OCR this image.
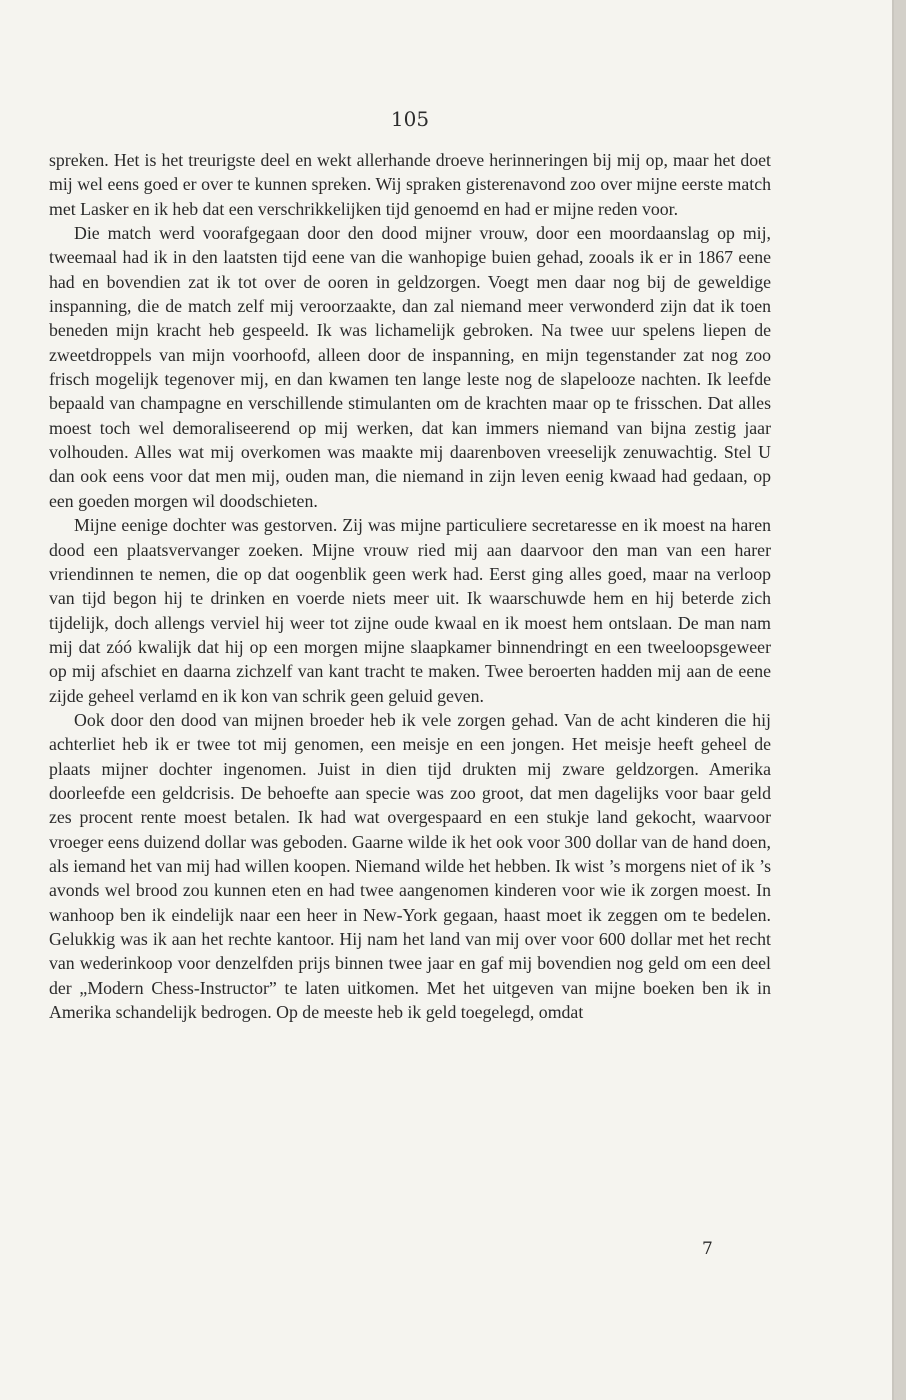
105

spreken. Het is het treurigste deel en wekt allerhande droeve herinneringen bij mij op, maar het doet mij wel eens goed er over te kunnen spreken. Wij spraken gisterenavond zoo over mijne eerste match met Lasker en ik heb dat een verschrikkelijken tijd genoemd en had er mijne reden voor.

Die match werd voorafgegaan door den dood mijner vrouw, door een moordaanslag op mij, tweemaal had ik in den laatsten tijd eene van die wanhopige buien gehad, zooals ik er in 1867 eene had en bovendien zat ik tot over de ooren in geldzorgen. Voegt men daar nog bij de geweldige inspanning, die de match zelf mij veroorzaakte, dan zal niemand meer verwonderd zijn dat ik toen beneden mijn kracht heb gespeeld. Ik was lichamelijk gebroken. Na twee uur spelens liepen de zweetdroppels van mijn voorhoofd, alleen door de inspanning, en mijn tegenstander zat nog zoo frisch mogelijk tegenover mij, en dan kwamen ten lange leste nog de slapelooze nachten. Ik leefde bepaald van champagne en verschillende stimulanten om de krachten maar op te frisschen. Dat alles moest toch wel demoraliseerend op mij werken, dat kan immers niemand van bijna zestig jaar volhouden. Alles wat mij overkomen was maakte mij daarenboven vreeselijk zenuwachtig. Stel U dan ook eens voor dat men mij, ouden man, die niemand in zijn leven eenig kwaad had gedaan, op een goeden morgen wil doodschieten.

Mijne eenige dochter was gestorven. Zij was mijne particuliere secretaresse en ik moest na haren dood een plaatsvervanger zoeken. Mijne vrouw ried mij aan daarvoor den man van een harer vriendinnen te nemen, die op dat oogenblik geen werk had. Eerst ging alles goed, maar na verloop van tijd begon hij te drinken en voerde niets meer uit. Ik waarschuwde hem en hij beterde zich tijdelijk, doch allengs verviel hij weer tot zijne oude kwaal en ik moest hem ontslaan. De man nam mij dat zóó kwalijk dat hij op een morgen mijne slaapkamer binnendringt en een tweeloopsgeweer op mij afschiet en daarna zichzelf van kant tracht te maken. Twee beroerten hadden mij aan de eene zijde geheel verlamd en ik kon van schrik geen geluid geven.

Ook door den dood van mijnen broeder heb ik vele zorgen gehad. Van de acht kinderen die hij achterliet heb ik er twee tot mij genomen, een meisje en een jongen. Het meisje heeft geheel de plaats mijner dochter ingenomen. Juist in dien tijd drukten mij zware geldzorgen. Amerika doorleefde een geldcrisis. De behoefte aan specie was zoo groot, dat men dagelijks voor baar geld zes procent rente moest betalen. Ik had wat overgespaard en een stukje land gekocht, waarvoor vroeger eens duizend dollar was geboden. Gaarne wilde ik het ook voor 300 dollar van de hand doen, als iemand het van mij had willen koopen. Niemand wilde het hebben. Ik wist ’s morgens niet of ik ’s avonds wel brood zou kunnen eten en had twee aangenomen kinderen voor wie ik zorgen moest. In wanhoop ben ik eindelijk naar een heer in New-York gegaan, haast moet ik zeggen om te bedelen. Gelukkig was ik aan het rechte kantoor. Hij nam het land van mij over voor 600 dollar met het recht van wederinkoop voor denzelfden prijs binnen twee jaar en gaf mij bovendien nog geld om een deel der „Modern Chess-Instructor” te laten uitkomen. Met het uitgeven van mijne boeken ben ik in Amerika schandelijk bedrogen. Op de meeste heb ik geld toegelegd, omdat

7
